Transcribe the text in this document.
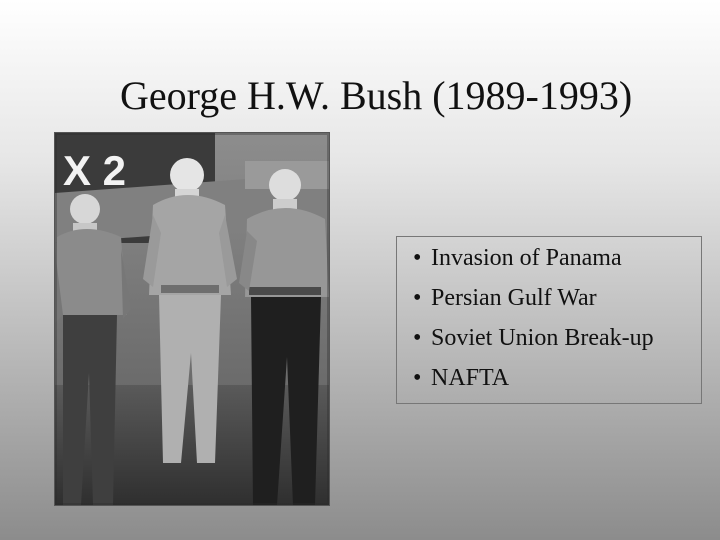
George H.W. Bush (1989-1993)
X 2
• Invasion of Panama
• Persian Gulf War
• Soviet Union Break-up
• NAFTA
